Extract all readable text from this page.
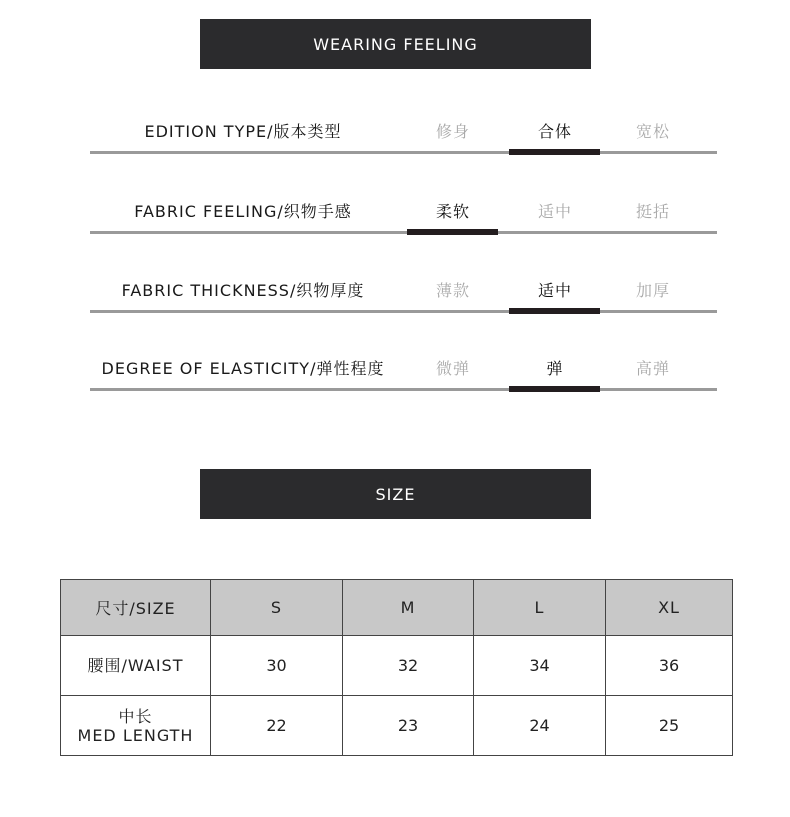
WEARING FEELING
EDITION TYPE/版本类型	修身	合体	宽松
FABRIC FEELING/织物手感	柔软	适中	挺括
FABRIC THICKNESS/织物厚度	薄款	适中	加厚
DEGREE OF ELASTICITY/弹性程度	微弹	弹	高弹
SIZE
尺寸/SIZE	S	M	L	XL
腰围/WAIST	30	32	34	36

中长
MED LENGTH	22	23	24	25
